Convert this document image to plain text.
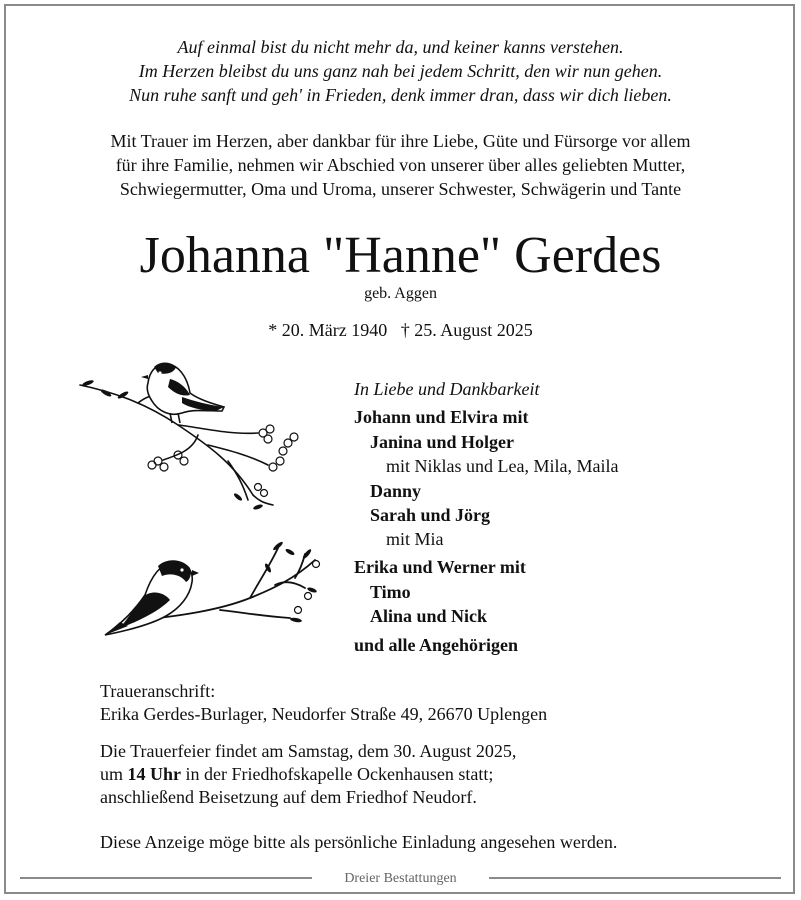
Auf einmal bist du nicht mehr da, und keiner kanns verstehen.
Im Herzen bleibst du uns ganz nah bei jedem Schritt, den wir nun gehen.
Nun ruhe sanft und geh' in Frieden, denk immer dran, dass wir dich lieben.
Mit Trauer im Herzen, aber dankbar für ihre Liebe, Güte und Fürsorge vor allem
für ihre Familie, nehmen wir Abschied von unserer über alles geliebten Mutter,
Schwiegermutter, Oma und Uroma, unserer Schwester, Schwägerin und Tante
Johanna "Hanne" Gerdes
geb. Aggen
* 20. März 1940   † 25. August 2025
In Liebe und Dankbarkeit
Johann und Elvira mit
Janina und Holger
mit Niklas und Lea, Mila, Maila
Danny
Sarah und Jörg
mit Mia
Erika und Werner mit
Timo
Alina und Nick
und alle Angehörigen
Traueranschrift:
Erika Gerdes-Burlager, Neudorfer Straße 49, 26670 Uplengen
Die Trauerfeier findet am Samstag, dem 30. August 2025,
um 14 Uhr in der Friedhofskapelle Ockenhausen statt;
anschließend Beisetzung auf dem Friedhof Neudorf.
Diese Anzeige möge bitte als persönliche Einladung angesehen werden.
Dreier Bestattungen
